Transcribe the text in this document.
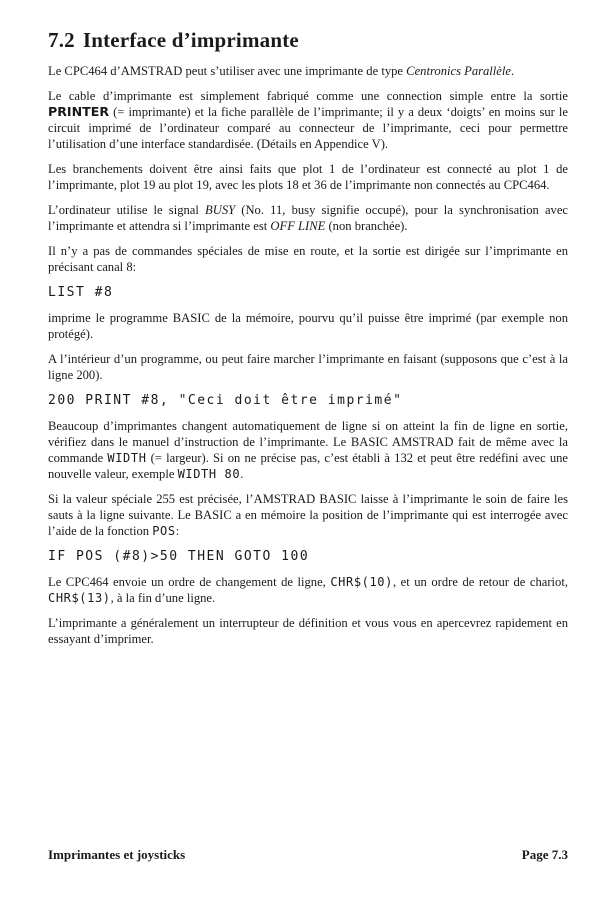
7.2 Interface d’imprimante

Le CPC464 d’AMSTRAD peut s’utiliser avec une imprimante de type Centronics Parallèle.

Le cable d’imprimante est simplement fabriqué comme une connection simple entre la sortie PRINTER (= imprimante) et la fiche parallèle de l’imprimante; il y a deux ‘doigts’ en moins sur le circuit imprimé de l’ordinateur comparé au connecteur de l’imprimante, ceci pour permettre l’utilisation d’une interface standardisée. (Détails en Appendice V).

Les branchements doivent être ainsi faits que plot 1 de l’ordinateur est connecté au plot 1 de l’imprimante, plot 19 au plot 19, avec les plots 18 et 36 de l’imprimante non connectés au CPC464.

L’ordinateur utilise le signal BUSY (No. 11, busy signifie occupé), pour la synchronisation avec l’imprimante et attendra si l’imprimante est OFF LINE (non branchée).

Il n’y a pas de commandes spéciales de mise en route, et la sortie est dirigée sur l’imprimante en précisant canal 8:

LIST #8

imprime le programme BASIC de la mémoire, pourvu qu’il puisse être imprimé (par exemple non protégé).

A l’intérieur d’un programme, ou peut faire marcher l’imprimante en faisant (supposons que c’est à la ligne 200).

200 PRINT #8, "Ceci doit être imprimé"

Beaucoup d’imprimantes changent automatiquement de ligne si on atteint la fin de ligne en sortie, vérifiez dans le manuel d’instruction de l’imprimante. Le BASIC AMSTRAD fait de même avec la commande WIDTH (= largeur). Si on ne précise pas, c’est établi à 132 et peut être redéfini avec une nouvelle valeur, exemple WIDTH 80.

Si la valeur spéciale 255 est précisée, l’AMSTRAD BASIC laisse à l’imprimante le soin de faire les sauts à la ligne suivante. Le BASIC a en mémoire la position de l’imprimante qui est interrogée avec l’aide de la fonction POS:

IF POS (#8)>50 THEN GOTO 100

Le CPC464 envoie un ordre de changement de ligne, CHR$(10), et un ordre de retour de chariot, CHR$(13), à la fin d’une ligne.

L’imprimante a généralement un interrupteur de définition et vous vous en apercevrez rapidement en essayant d’imprimer.

Imprimantes et joysticks	Page 7.3
